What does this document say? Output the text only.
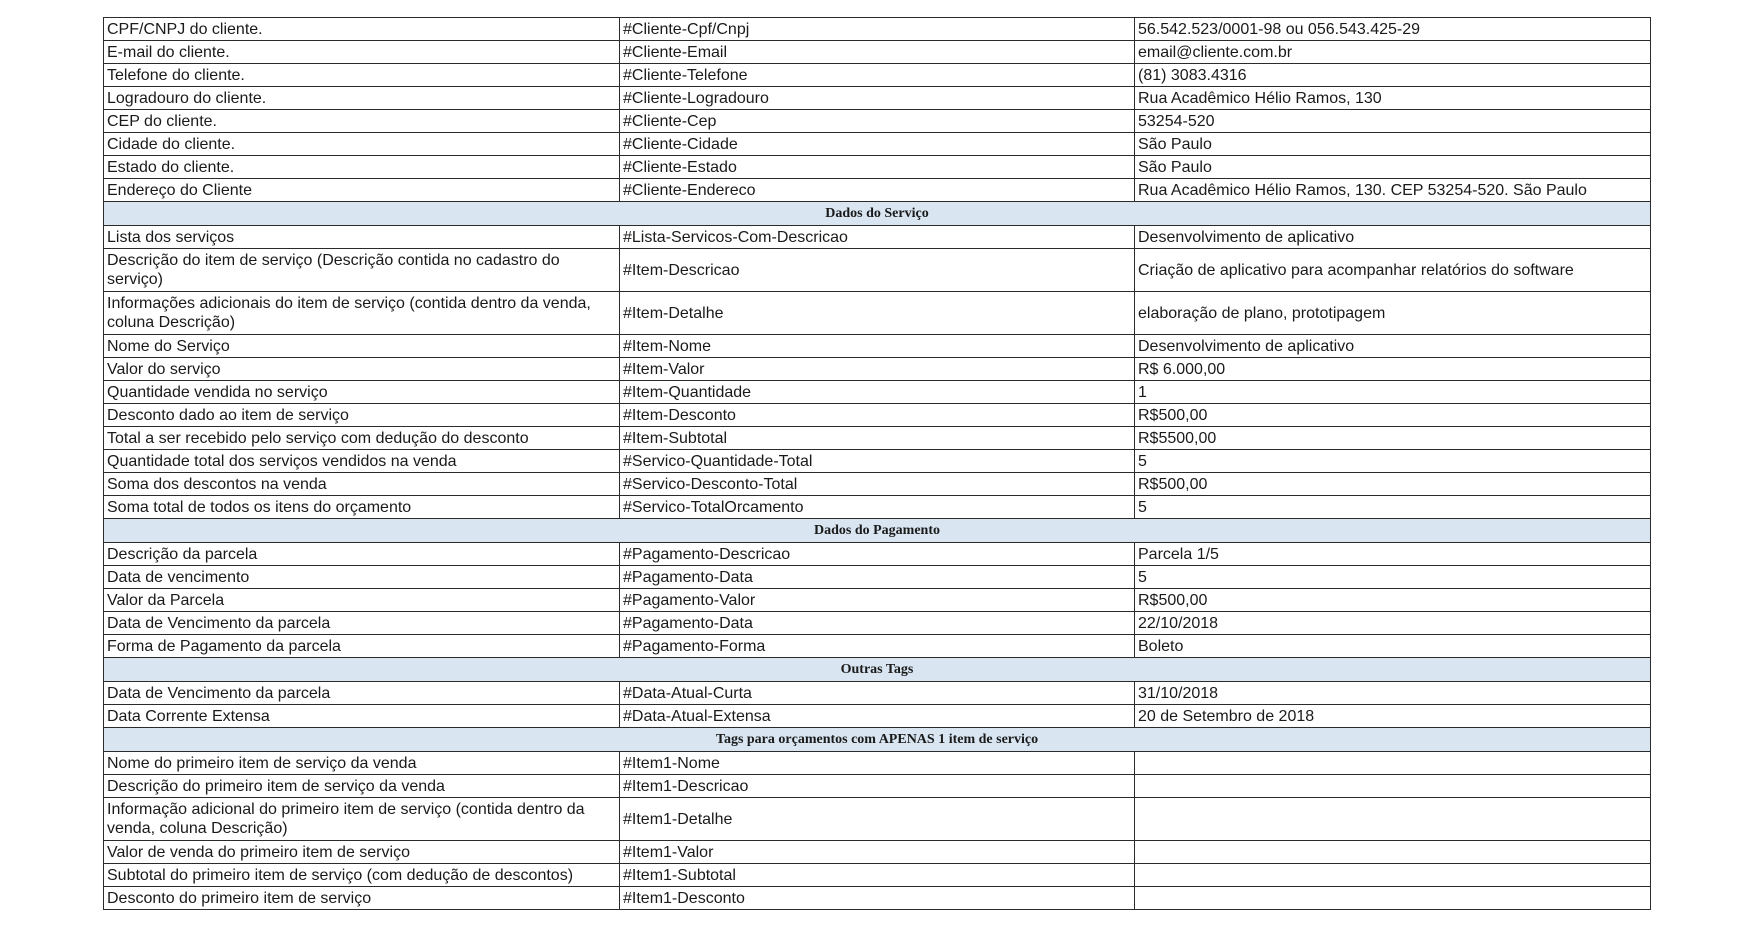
CPF/CNPJ do cliente.	#Cliente-Cpf/Cnpj	56.542.523/0001-98 ou 056.543.425-29
E-mail do cliente.	#Cliente-Email	email@cliente.com.br
Telefone do cliente.	#Cliente-Telefone	(81) 3083.4316
Logradouro do cliente.	#Cliente-Logradouro	Rua Acadêmico Hélio Ramos, 130
CEP do cliente.	#Cliente-Cep	53254-520
Cidade do cliente.	#Cliente-Cidade	São Paulo
Estado do cliente.	#Cliente-Estado	São Paulo
Endereço do Cliente	#Cliente-Endereco	Rua Acadêmico Hélio Ramos, 130. CEP 53254-520. São Paulo
Dados do Serviço		
Lista dos serviços	#Lista-Servicos-Com-Descricao	Desenvolvimento de aplicativo
Descrição do item de serviço (Descrição contida no cadastro do serviço)	#Item-Descricao	Criação de aplicativo para acompanhar relatórios do software
Informações adicionais do item de serviço (contida dentro da venda, coluna Descrição)	#Item-Detalhe	elaboração de plano, prototipagem
Nome do Serviço	#Item-Nome	Desenvolvimento de aplicativo
Valor do serviço	#Item-Valor	R$ 6.000,00
Quantidade vendida no serviço	#Item-Quantidade	1
Desconto dado ao item de serviço	#Item-Desconto	R$500,00
Total a ser recebido pelo serviço com dedução do desconto	#Item-Subtotal	R$5500,00
Quantidade total dos serviços vendidos na venda	#Servico-Quantidade-Total	5
Soma dos descontos na venda	#Servico-Desconto-Total	R$500,00
Soma total de todos os itens do orçamento	#Servico-TotalOrcamento	5
Dados do Pagamento		
Descrição da parcela	#Pagamento-Descricao	Parcela 1/5
Data de vencimento	#Pagamento-Data	5
Valor da Parcela	#Pagamento-Valor	R$500,00
Data de Vencimento da parcela	#Pagamento-Data	22/10/2018
Forma de Pagamento da parcela	#Pagamento-Forma	Boleto
Outras Tags		
Data de Vencimento da parcela	#Data-Atual-Curta	31/10/2018
Data Corrente Extensa	#Data-Atual-Extensa	20 de Setembro de 2018
Tags para orçamentos com APENAS 1 item de serviço		
Nome do primeiro item de serviço da venda	#Item1-Nome	
Descrição do primeiro item de serviço da venda	#Item1-Descricao	
Informação adicional do primeiro item de serviço (contida dentro da venda, coluna Descrição)	#Item1-Detalhe	
Valor de venda do primeiro item de serviço	#Item1-Valor	
Subtotal do primeiro item de serviço (com dedução de descontos)	#Item1-Subtotal	
Desconto do primeiro item de serviço	#Item1-Desconto	
